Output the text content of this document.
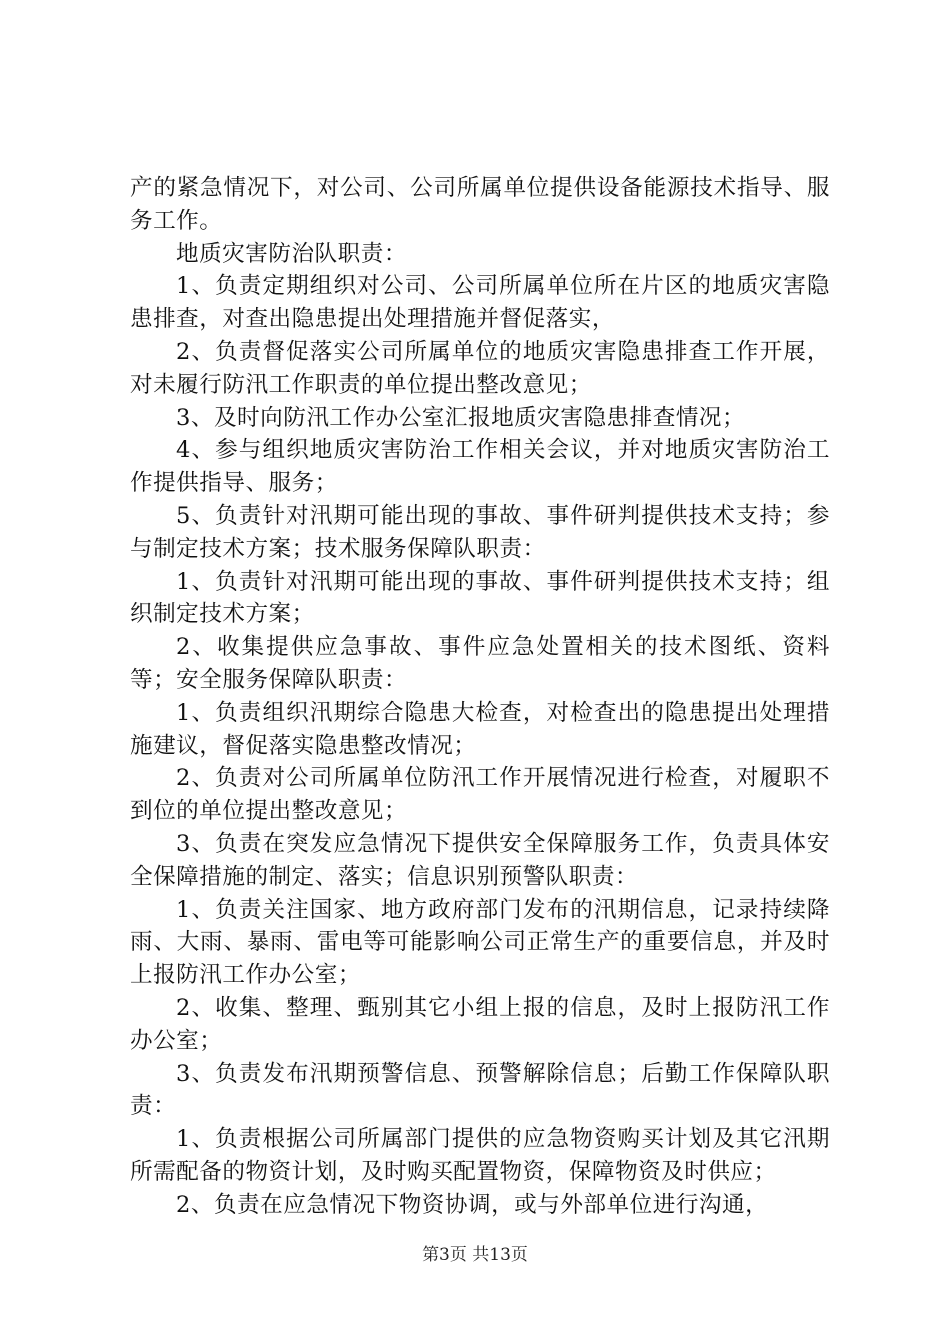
产的紧急情况下，对公司、公司所属单位提供设备能源技术指导、服务工作。

地质灾害防治队职责：

1、负责定期组织对公司、公司所属单位所在片区的地质灾害隐患排查，对查出隐患提出处理措施并督促落实，

2、负责督促落实公司所属单位的地质灾害隐患排查工作开展，对未履行防汛工作职责的单位提出整改意见；

3、及时向防汛工作办公室汇报地质灾害隐患排查情况；

4、参与组织地质灾害防治工作相关会议，并对地质灾害防治工作提供指导、服务；

5、负责针对汛期可能出现的事故、事件研判提供技术支持；参与制定技术方案；技术服务保障队职责：

1、负责针对汛期可能出现的事故、事件研判提供技术支持；组织制定技术方案；

2、收集提供应急事故、事件应急处置相关的技术图纸、资料等；安全服务保障队职责：

1、负责组织汛期综合隐患大检查，对检查出的隐患提出处理措施建议，督促落实隐患整改情况；

2、负责对公司所属单位防汛工作开展情况进行检查，对履职不到位的单位提出整改意见；

3、负责在突发应急情况下提供安全保障服务工作，负责具体安全保障措施的制定、落实；信息识别预警队职责：

1、负责关注国家、地方政府部门发布的汛期信息，记录持续降雨、大雨、暴雨、雷电等可能影响公司正常生产的重要信息，并及时上报防汛工作办公室；

2、收集、整理、甄别其它小组上报的信息，及时上报防汛工作办公室；

3、负责发布汛期预警信息、预警解除信息；后勤工作保障队职责：

1、负责根据公司所属部门提供的应急物资购买计划及其它汛期所需配备的物资计划，及时购买配置物资，保障物资及时供应；

2、负责在应急情况下物资协调，或与外部单位进行沟通，

第3页 共13页
